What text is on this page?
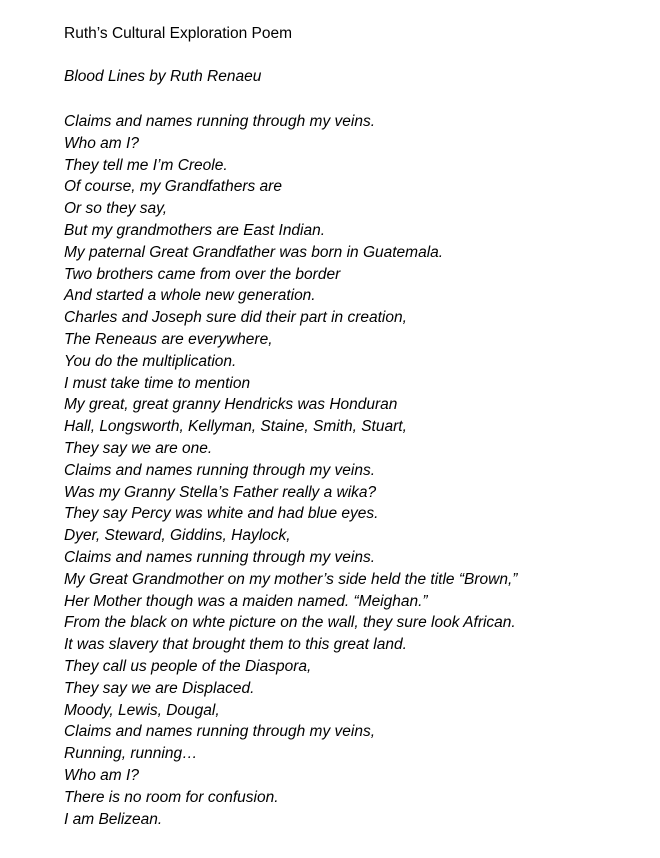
Ruth’s Cultural Exploration Poem
Blood Lines by Ruth Renaeu
Claims and names running through my veins.
Who am I?
They tell me I’m Creole.
Of course, my Grandfathers are
Or so they say,
But my grandmothers are East Indian.
My paternal Great Grandfather was born in Guatemala.
Two brothers came from over the border
And started a whole new generation.
Charles and Joseph sure did their part in creation,
The Reneaus are everywhere,
You do the multiplication.
I must take time to mention
My great, great granny Hendricks was Honduran
Hall, Longsworth, Kellyman, Staine, Smith, Stuart,
They say we are one.
Claims and names running through my veins.
Was my Granny Stella’s Father really a wika?
They say Percy was white and had blue eyes.
Dyer, Steward, Giddins, Haylock,
Claims and names running through my veins.
My Great Grandmother on my mother’s side held the title “Brown,”
Her Mother though was a maiden named. “Meighan.”
From the black on whte picture on the wall, they sure look African.
It was slavery that brought them to this great land.
They call us people of the Diaspora,
They say we are Displaced.
Moody, Lewis, Dougal,
Claims and names running through my veins,
Running, running…
Who am I?
There is no room for confusion.
I am Belizean.
